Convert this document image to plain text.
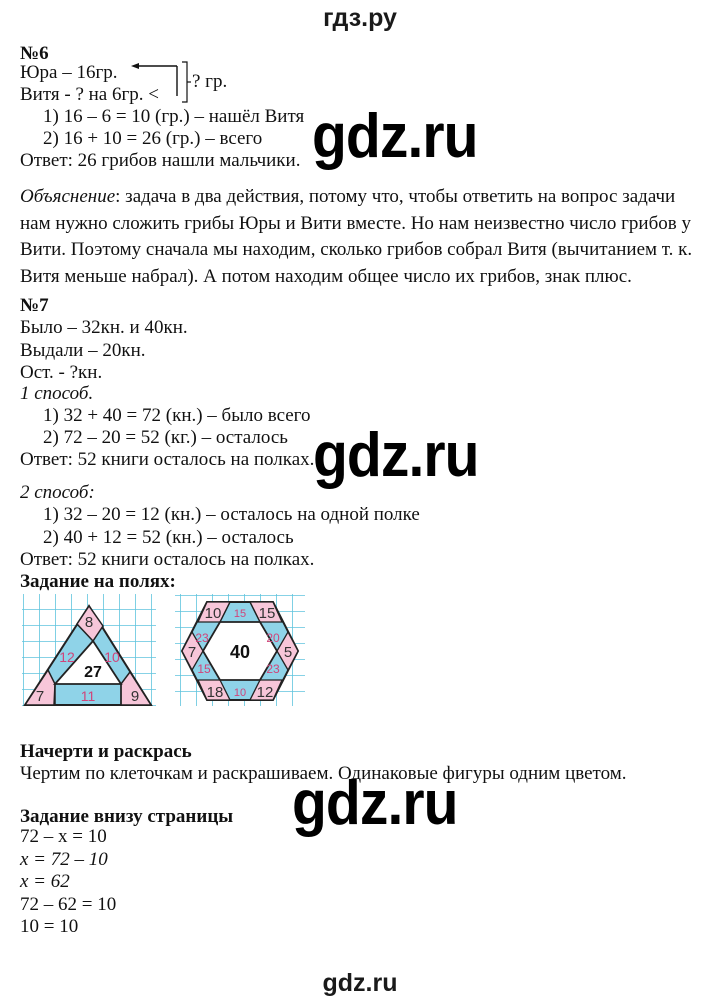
гдз.ру
№6
Юра – 16гр.
Витя - ? на 6гр. <
? гр.
1) 16 – 6 = 10 (гр.) – нашёл Витя
2) 16 + 10 = 26 (гр.) – всего
Ответ: 26 грибов нашли мальчики.
Объяснение: задача в два действия, потому что, чтобы ответить на вопрос задачи нам нужно сложить грибы Юры и Вити вместе. Но нам неизвестно число грибов у Вити. Поэтому сначала мы находим, сколько грибов собрал Витя (вычитанием т. к. Витя меньше набрал). А потом находим общее число их грибов, знак плюс.
gdz.ru
№7
Было – 32кн. и 40кн.
Выдали – 20кн.
Ост. - ?кн.
1 способ.
1) 32 + 40 = 72 (кн.) – было всего
2) 72 – 20 = 52 (кг.) – осталось
Ответ: 52 книги осталось на полках.
gdz.ru
2 способ:
1) 32 – 20 = 12 (кн.) – осталось на одной полке
2) 40 + 12 = 52 (кн.) – осталось
Ответ: 52 книги осталось на полках.
Задание на полях:
8
12 10
27
7	11 9
10 15 15
23	20
7 40 5
15	23
18 10 12
Начерти и раскрась
Чертим по клеточкам и раскрашиваем. Одинаковые фигуры одним цветом.
gdz.ru
Задание внизу страницы
72 – x = 10
x = 72 – 10
x = 62
72 – 62 = 10
10 = 10
gdz.ru
